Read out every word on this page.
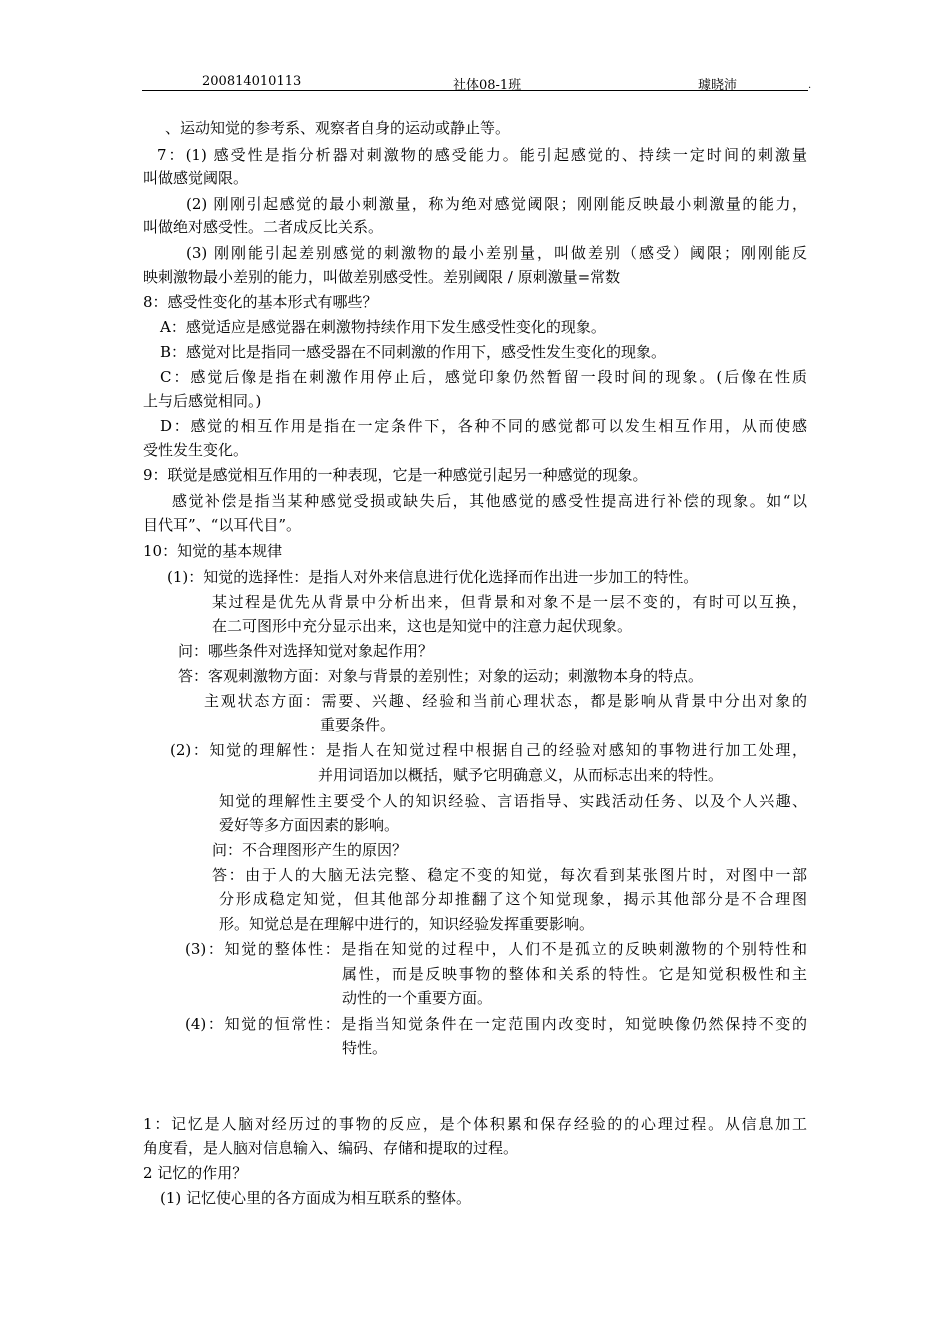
200814010113	社体08-1班	璩晓沛	.
、运动知觉的参考系、观察者自身的运动或静止等。
7：(1) 感受性是指分析器对刺激物的感受能力。能引起感觉的、持续一定时间的刺激量
叫做感觉阈限。
(2) 刚刚引起感觉的最小刺激量，称为绝对感觉阈限；刚刚能反映最小刺激量的能力，
叫做绝对感受性。二者成反比关系。
(3) 刚刚能引起差别感觉的刺激物的最小差别量，叫做差别（感受）阈限；刚刚能反
映刺激物最小差别的能力，叫做差别感受性。差别阈限 / 原刺激量=常数
8：感受性变化的基本形式有哪些？
A：感觉适应是感觉器在刺激物持续作用下发生感受性变化的现象。
B：感觉对比是指同一感受器在不同刺激的作用下，感受性发生变化的现象。
C：感觉后像是指在刺激作用停止后，感觉印象仍然暂留一段时间的现象。(后像在性质
上与后感觉相同。)
D：感觉的相互作用是指在一定条件下，各种不同的感觉都可以发生相互作用，从而使感
受性发生变化。
9：联觉是感觉相互作用的一种表现，它是一种感觉引起另一种感觉的现象。
感觉补偿是指当某种感觉受损或缺失后，其他感觉的感受性提高进行补偿的现象。如“以
目代耳”、“以耳代目”。
10：知觉的基本规律
(1)：知觉的选择性：是指人对外来信息进行优化选择而作出进一步加工的特性。
某过程是优先从背景中分析出来，但背景和对象不是一层不变的，有时可以互换，
在二可图形中充分显示出来，这也是知觉中的注意力起伏现象。
问：哪些条件对选择知觉对象起作用？
答：客观刺激物方面：对象与背景的差别性；对象的运动；刺激物本身的特点。
主观状态方面：需要、兴趣、经验和当前心理状态，都是影响从背景中分出对象的
重要条件。
(2)：知觉的理解性：是指人在知觉过程中根据自己的经验对感知的事物进行加工处理，
并用词语加以概括，赋予它明确意义，从而标志出来的特性。
知觉的理解性主要受个人的知识经验、言语指导、实践活动任务、以及个人兴趣、
爱好等多方面因素的影响。
问：不合理图形产生的原因？
答：由于人的大脑无法完整、稳定不变的知觉，每次看到某张图片时，对图中一部
分形成稳定知觉，但其他部分却推翻了这个知觉现象，揭示其他部分是不合理图
形。知觉总是在理解中进行的，知识经验发挥重要影响。
(3)：知觉的整体性：是指在知觉的过程中，人们不是孤立的反映刺激物的个别特性和
属性，而是反映事物的整体和关系的特性。它是知觉积极性和主
动性的一个重要方面。
(4)：知觉的恒常性：是指当知觉条件在一定范围内改变时，知觉映像仍然保持不变的
特性。
1：记忆是人脑对经历过的事物的反应，是个体积累和保存经验的的心理过程。从信息加工
角度看，是人脑对信息输入、编码、存储和提取的过程。
2 记忆的作用？
(1) 记忆使心里的各方面成为相互联系的整体。
